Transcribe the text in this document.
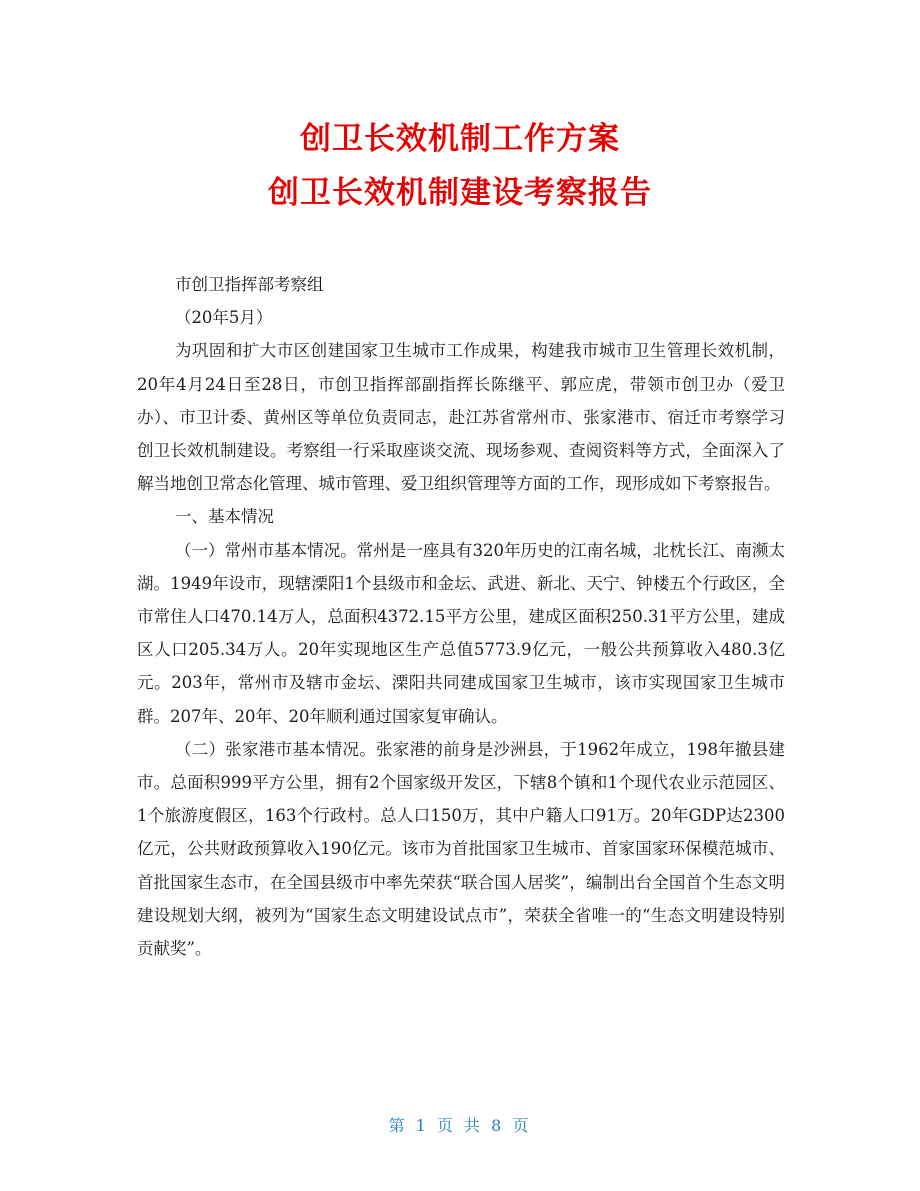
创卫长效机制工作方案
创卫长效机制建设考察报告

市创卫指挥部考察组

（20年5月）

为巩固和扩大市区创建国家卫生城市工作成果，构建我市城市卫生管理长效机制，20年4月24日至28日，市创卫指挥部副指挥长陈继平、郭应虎，带领市创卫办（爱卫办）、市卫计委、黄州区等单位负责同志，赴江苏省常州市、张家港市、宿迁市考察学习创卫长效机制建设。考察组一行采取座谈交流、现场参观、查阅资料等方式，全面深入了解当地创卫常态化管理、城市管理、爱卫组织管理等方面的工作，现形成如下考察报告。

一、基本情况

（一）常州市基本情况。常州是一座具有320年历史的江南名城，北枕长江、南濒太湖。1949年设市，现辖溧阳1个县级市和金坛、武进、新北、天宁、钟楼五个行政区，全市常住人口470.14万人，总面积4372.15平方公里，建成区面积250.31平方公里，建成区人口205.34万人。20年实现地区生产总值5773.9亿元，一般公共预算收入480.3亿元。203年，常州市及辖市金坛、溧阳共同建成国家卫生城市，该市实现国家卫生城市群。207年、20年、20年顺利通过国家复审确认。

（二）张家港市基本情况。张家港的前身是沙洲县，于1962年成立，198年撤县建市。总面积999平方公里，拥有2个国家级开发区，下辖8个镇和1个现代农业示范园区、1个旅游度假区，163个行政村。总人口150万，其中户籍人口91万。20年GDP达2300亿元，公共财政预算收入190亿元。该市为首批国家卫生城市、首家国家环保模范城市、首批国家生态市，在全国县级市中率先荣获“联合国人居奖”，编制出台全国首个生态文明建设规划大纲，被列为“国家生态文明建设试点市”，荣获全省唯一的“生态文明建设特别贡献奖”。

第 1 页 共 8 页
